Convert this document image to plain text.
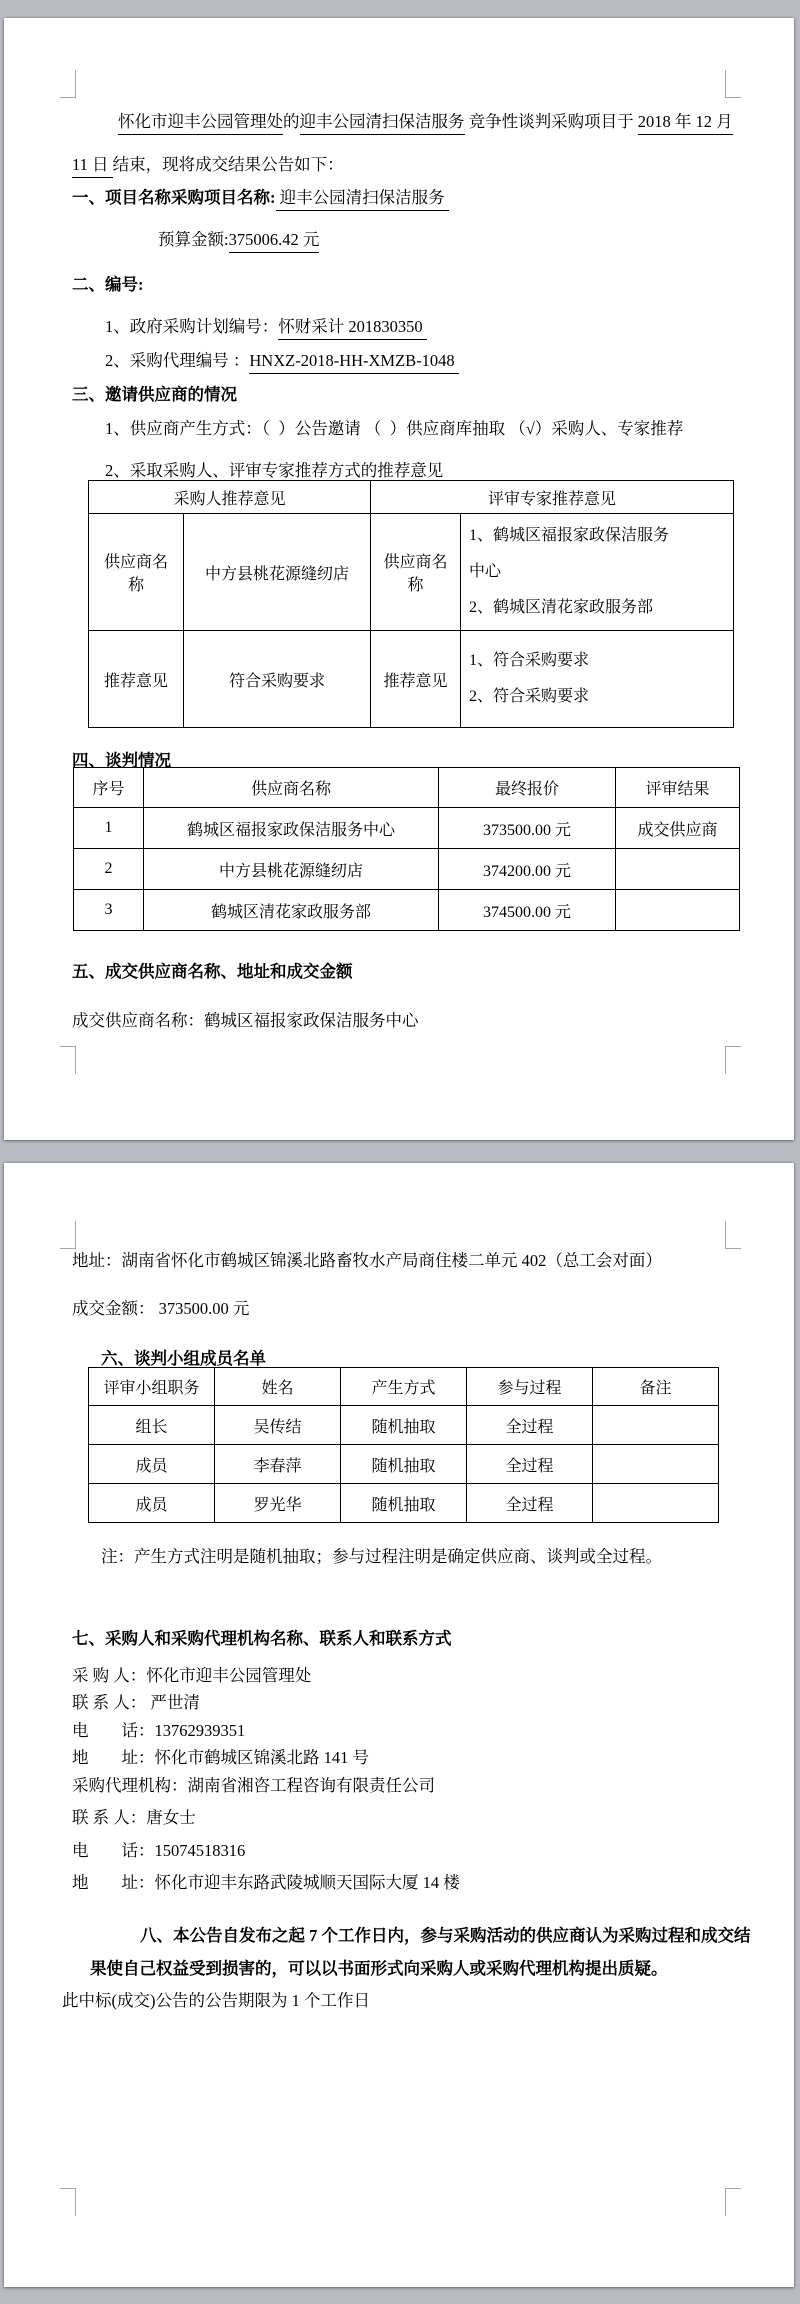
怀化市迎丰公园管理处的迎丰公园清扫保洁服务 竞争性谈判采购项目于 2018 年 12 月
11 日 结束，现将成交结果公告如下：
一、项目名称采购项目名称: 迎丰公园清扫保洁服务
预算金额:375006.42 元
二、编号:
1、政府采购计划编号：怀财采计 201830350
2、采购代理编号 ：HNXZ-2018-HH-XMZB-1048
三、邀请供应商的情况
1、供应商产生方式：（  ）公告邀请 （  ）供应商库抽取 （√）采购人、专家推荐
2、采取采购人、评审专家推荐方式的推荐意见
采购人推荐意见		评审专家推荐意见	
供应商名称	中方县桃花源缝纫店	供应商名称	1、鹤城区福报家政保洁服务中心
2、鹤城区清花家政服务部

推荐意见	符合采购要求	推荐意见	1、符合采购要求
2、符合采购要求
四、谈判情况
序号	供应商名称	最终报价	评审结果
1	鹤城区福报家政保洁服务中心	373500.00 元	成交供应商
2	中方县桃花源缝纫店	374200.00 元	
3	鹤城区清花家政服务部	374500.00 元	
五、成交供应商名称、地址和成交金额
成交供应商名称：鹤城区福报家政保洁服务中心
地址：湖南省怀化市鹤城区锦溪北路畜牧水产局商住楼二单元 402（总工会对面）
成交金额： 373500.00 元
六、谈判小组成员名单
评审小组职务	姓名	产生方式	参与过程	备注
组长	吴传结	随机抽取	全过程	
成员	李春萍	随机抽取	全过程	
成员	罗光华	随机抽取	全过程	
注：产生方式注明是随机抽取；参与过程注明是确定供应商、谈判或全过程。
七、采购人和采购代理机构名称、联系人和联系方式
采 购 人：怀化市迎丰公园管理处
联 系 人： 严世清
电　　话：13762939351
地　　址：怀化市鹤城区锦溪北路 141 号
采购代理机构：湖南省湘咨工程咨询有限责任公司
联 系 人：唐女士
电　　话：15074518316
地　　址：怀化市迎丰东路武陵城顺天国际大厦 14 楼
八、本公告自发布之起 7 个工作日内，参与采购活动的供应商认为采购过程和成交结
果使自己权益受到损害的，可以以书面形式向采购人或采购代理机构提出质疑。
此中标(成交)公告的公告期限为 1 个工作日
